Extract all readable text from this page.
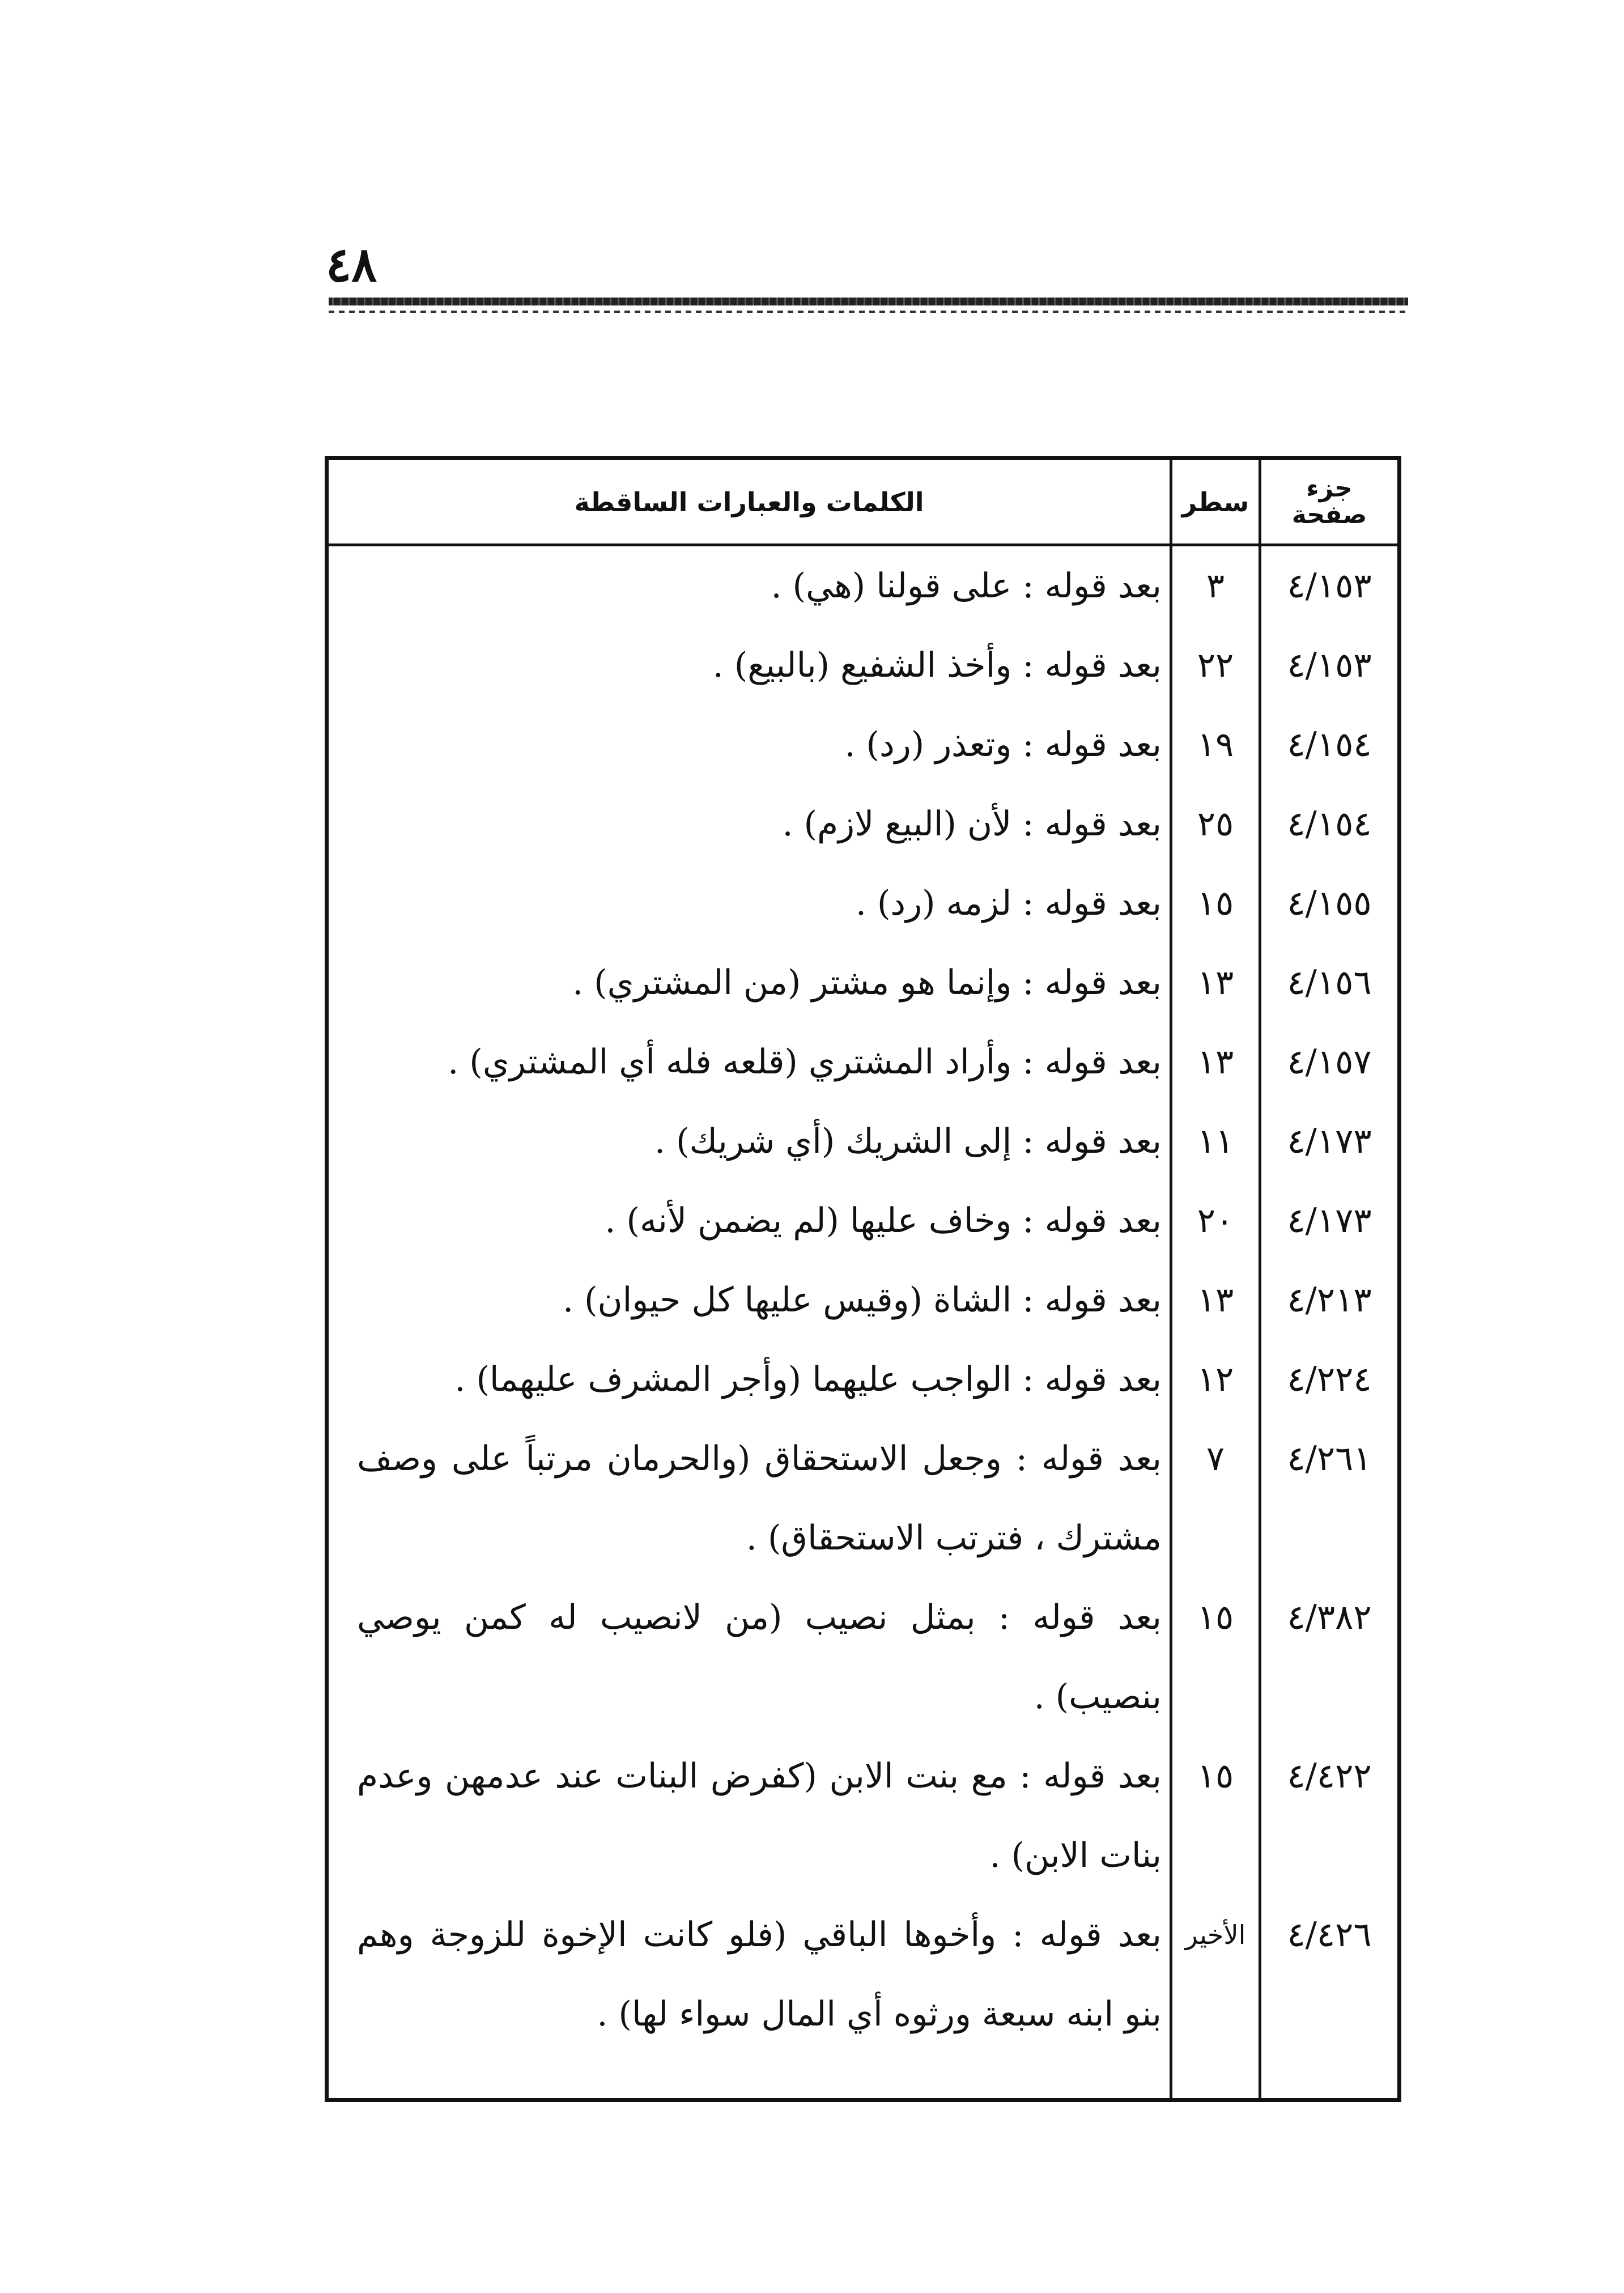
٤٨
الكلمات والعبارات الساقطة	سطر	جزء
صفحة
٤/١٥٣
٣
بعد قوله : على قولنا (هي) .
٤/١٥٣
٢٢
بعد قوله : وأخذ الشفيع (بالبيع) .
٤/١٥٤
١٩
بعد قوله : وتعذر (رد) .
٤/١٥٤
٢٥
بعد قوله : لأن (البيع لازم) .
٤/١٥٥
١٥
بعد قوله : لزمه (رد) .
٤/١٥٦
١٣
بعد قوله : وإنما هو مشتر (من المشتري) .
٤/١٥٧
١٣
بعد قوله : وأراد المشتري (قلعه فله أي المشتري) .
٤/١٧٣
١١
بعد قوله : إلى الشريك (أي شريك) .
٤/١٧٣
٢٠
بعد قوله : وخاف عليها (لم يضمن لأنه) .
٤/٢١٣
١٣
بعد قوله : الشاة (وقيس عليها كل حيوان) .
٤/٢٢٤
١٢
بعد قوله : الواجب عليهما (وأجر المشرف عليهما) .
٤/٢٦١
٧
بعد قوله : وجعل الاستحقاق (والحرمان مرتباً على وصف مشترك ، فترتب الاستحقاق) .
٤/٣٨٢
١٥
بعد قوله : بمثل نصيب (من لانصيب له كمن يوصي بنصيب) .
٤/٤٢٢
١٥
بعد قوله : مع بنت الابن (كفرض البنات عند عدمهن وعدم بنات الابن) .
٤/٤٢٦
الأخير
بعد قوله : وأخوها الباقي (فلو كانت الإخوة للزوجة وهم بنو ابنه سبعة ورثوه أي المال سواء لها) .
